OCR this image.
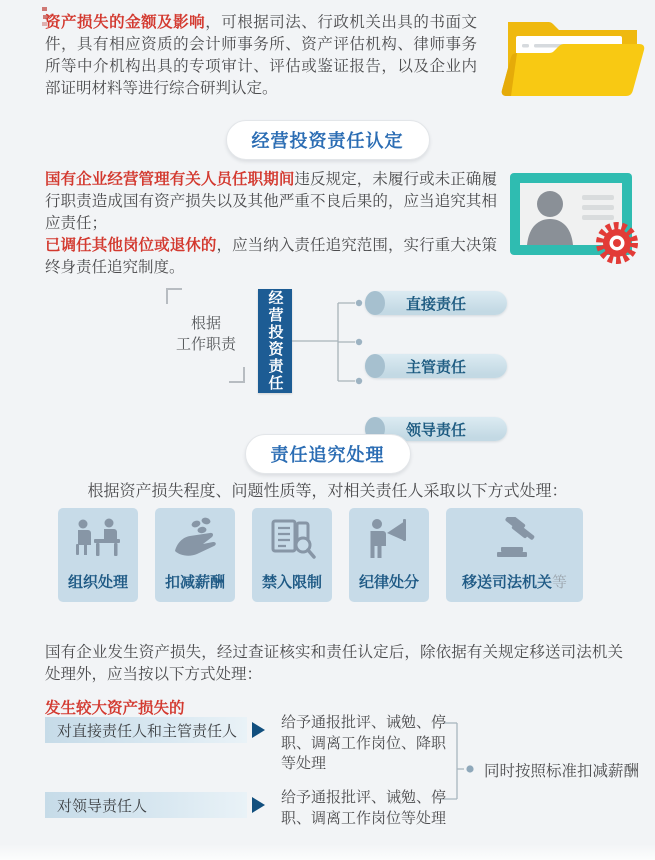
资产损失的金额及影响，可根据司法、行政机关出具的书面文件，具有相应资质的会计师事务所、资产评估机构、律师事务所等中介机构出具的专项审计、评估或鉴证报告，以及企业内部证明材料等进行综合研判认定。
经营投资责任认定

国有企业经营管理有关人员任职期间违反规定，未履行或未正确履行职责造成国有资产损失以及其他严重不良后果的，应当追究其相应责任；

已调任其他岗位或退休的，应当纳入责任追究范围，实行重大决策终身责任追究制度。

根据
工作职责	经营投资责任	直接责任
主管责任
领导责任
责任追究处理
根据资产损失程度、问题性质等，对相关责任人采取以下方式处理：
组织处理 扣减薪酬 禁入限制 纪律处分	移送司法机关等
国有企业发生资产损失，经过查证核实和责任认定后，除依据有关规定移送司法机关处理外，应当按以下方式处理：
发生较大资产损失的
对直接责任人和主管责任人	给予通报批评、诫勉、停职、调离工作岗位、降职等处理
对领导责任人	给予通报批评、诫勉、停职、调离工作岗位等处理
同时按照标准扣减薪酬
